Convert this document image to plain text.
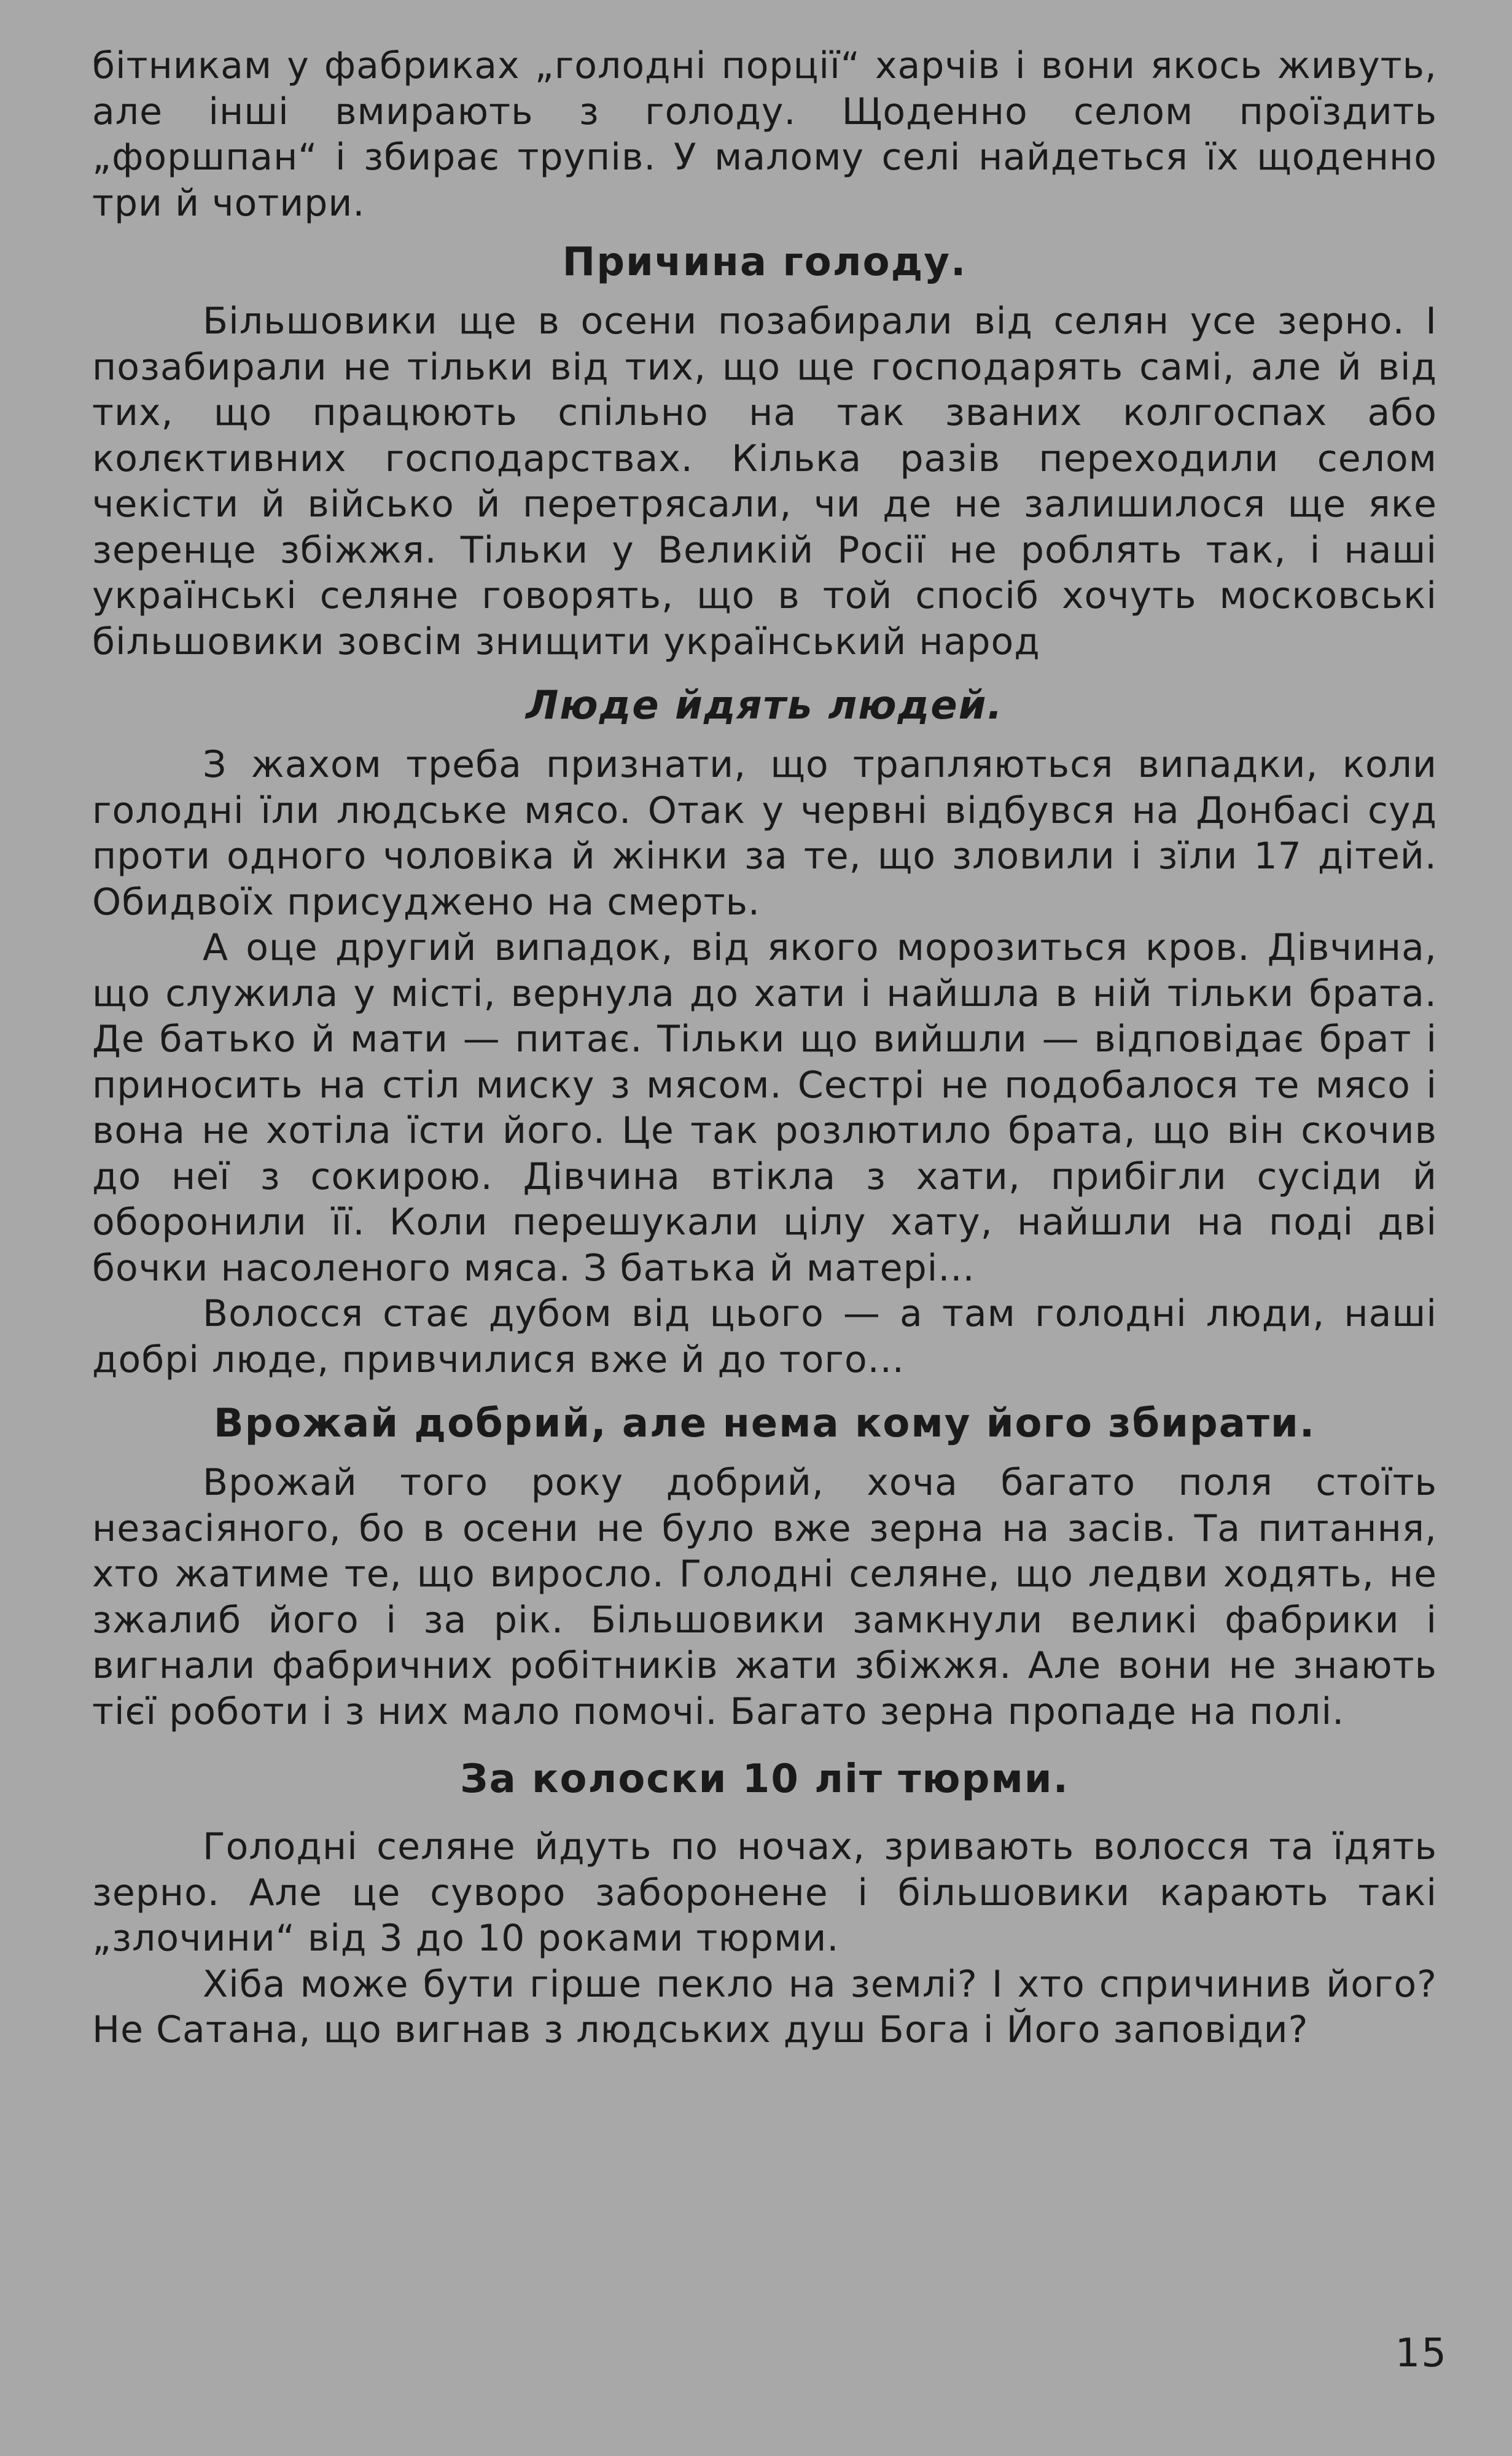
бітникам у фабриках „голодні порції“ харчів і вони якось живуть, але інші вмирають з голоду. Щоденно селом проїздить „форшпан“ і збирає трупів. У малому селі найдеться їх щоденно три й чотири.

Причина голоду.

Більшовики ще в осени позабирали від селян усе зерно. І позабирали не тільки від тих, що ще господарять самі, але й від тих, що працюють спільно на так званих колгоспах або колєктивних господарствах. Кілька разів переходили селом чекісти й військо й перетрясали, чи де не залишилося ще яке зеренце збіжжя. Тільки у Великій Росії не роблять так, і наші українські селяне говорять, що в той спосіб хочуть московські більшовики зовсім знищити український народ

Люде йдять людей.

З жахом треба признати, що трапляються випадки, коли голодні їли людське мясо. Отак у червні відбувся на Донбасі суд проти одного чоловіка й жінки за те, що зловили і зїли 17 дітей. Обидвоїх присуджено на смерть.

А оце другий випадок, від якого морозиться кров. Дівчина, що служила у місті, вернула до хати і найшла в ній тільки брата. Де батько й мати — питає. Тільки що вийшли — відповідає брат і приносить на стіл миску з мясом. Сестрі не подобалося те мясо і вона не хотіла їсти його. Це так розлютило брата, що він скочив до неї з сокирою. Дівчина втікла з хати, прибігли сусіди й оборонили її. Коли перешукали цілу хату, найшли на поді дві бочки насоленого мяса. З батька й матері...

Волосся стає дубом від цього — а там голодні люди, наші добрі люде, привчилися вже й до того...

Врожай добрий, але нема кому його збирати.

Врожай того року добрий, хоча багато поля стоїть незасіяного, бо в осени не було вже зерна на засів. Та питання, хто жатиме те, що виросло. Голодні селяне, що ледви ходять, не зжалиб його і за рік. Більшовики замкнули великі фабрики і вигнали фабричних робітників жати збіжжя. Але вони не знають тієї роботи і з них мало помочі. Багато зерна пропаде на полі.

За колоски 10 літ тюрми.

Голодні селяне йдуть по ночах, зривають волосся та їдять зерно. Але це суворо заборонене і більшовики карають такі „злочини“ від 3 до 10 роками тюрми.

Хіба може бути гірше пекло на землі? І хто спричинив його? Не Сатана, що вигнав з людських душ Бога і Його заповіди?

15
